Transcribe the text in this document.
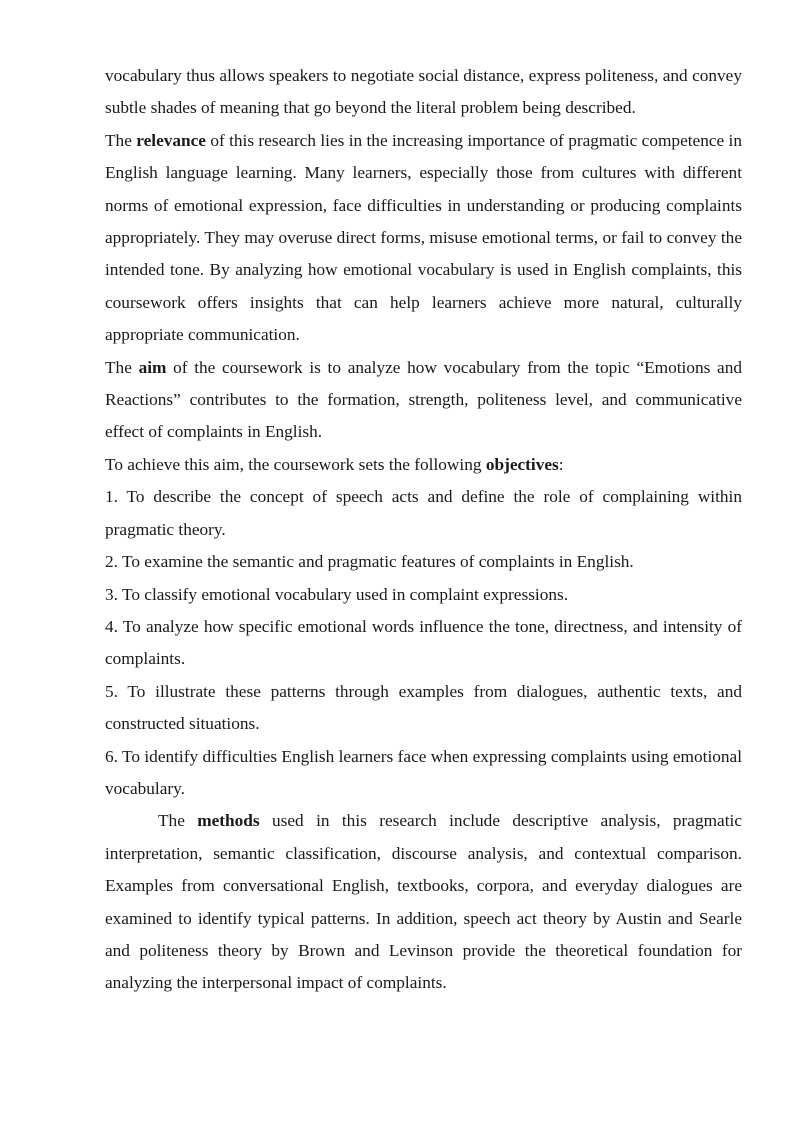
vocabulary thus allows speakers to negotiate social distance, express politeness, and convey subtle shades of meaning that go beyond the literal problem being described.

The relevance of this research lies in the increasing importance of pragmatic competence in English language learning. Many learners, especially those from cultures with different norms of emotional expression, face difficulties in understanding or producing complaints appropriately. They may overuse direct forms, misuse emotional terms, or fail to convey the intended tone. By analyzing how emotional vocabulary is used in English complaints, this coursework offers insights that can help learners achieve more natural, culturally appropriate communication.

The aim of the coursework is to analyze how vocabulary from the topic “Emotions and Reactions” contributes to the formation, strength, politeness level, and communicative effect of complaints in English.

To achieve this aim, the coursework sets the following objectives:

1. To describe the concept of speech acts and define the role of complaining within pragmatic theory.

2. To examine the semantic and pragmatic features of complaints in English.

3. To classify emotional vocabulary used in complaint expressions.

4. To analyze how specific emotional words influence the tone, directness, and intensity of complaints.

5. To illustrate these patterns through examples from dialogues, authentic texts, and constructed situations.

6. To identify difficulties English learners face when expressing complaints using emotional vocabulary.

The methods used in this research include descriptive analysis, pragmatic interpretation, semantic classification, discourse analysis, and contextual comparison. Examples from conversational English, textbooks, corpora, and everyday dialogues are examined to identify typical patterns. In addition, speech act theory by Austin and Searle and politeness theory by Brown and Levinson provide the theoretical foundation for analyzing the interpersonal impact of complaints.
